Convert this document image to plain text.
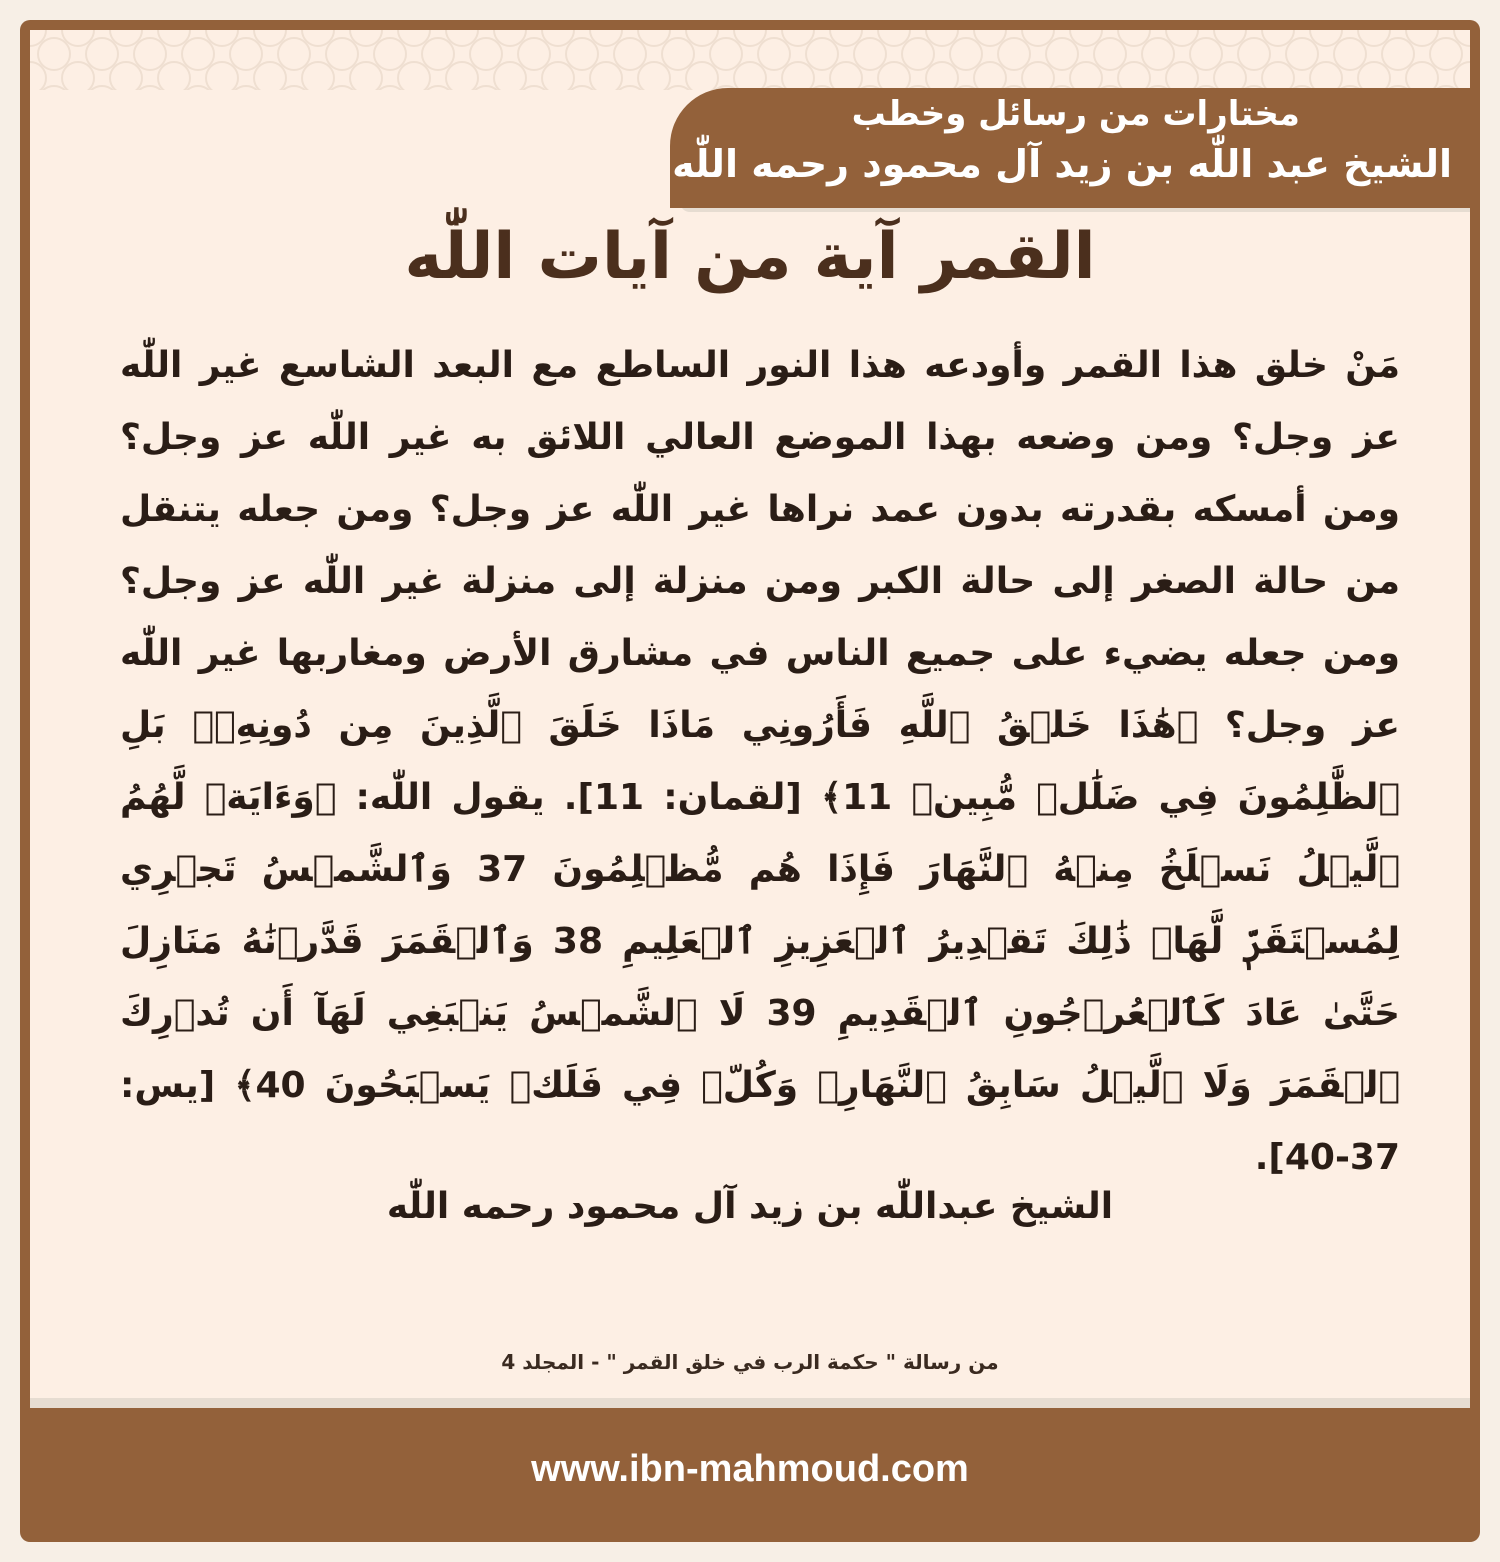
مختارات من رسائل وخطب
الشيخ عبد اللّٰه بن زيد آل محمود رحمه اللّٰه
القمر آية من آيات اللّٰه
مَنْ خلق هذا القمر وأودعه هذا النور الساطع مع البعد الشاسع غير اللّٰه عز وجل؟ ومن وضعه بهذا الموضع العالي اللائق به غير اللّٰه عز وجل؟ ومن أمسكه بقدرته بدون عمد نراها غير اللّٰه عز وجل؟ ومن جعله يتنقل من حالة الصغر إلى حالة الكبر ومن منزلة إلى منزلة غير اللّٰه عز وجل؟ ومن جعله يضيء على جميع الناس في مشارق الأرض ومغاربها غير اللّٰه عز وجل؟ ﴿هَٰذَا خَلۡقُ ٱللَّهِ فَأَرُونِي مَاذَا خَلَقَ ٱلَّذِينَ مِن دُونِهِۦۚ بَلِ ٱلظَّٰلِمُونَ فِي ضَلَٰلٖ مُّبِينٖ 11﴾ [لقمان: 11]. يقول اللّٰه: ﴿وَءَايَةٞ لَّهُمُ ٱلَّيۡلُ نَسۡلَخُ مِنۡهُ ٱلنَّهَارَ فَإِذَا هُم مُّظۡلِمُونَ 37 وَٱلشَّمۡسُ تَجۡرِي لِمُسۡتَقَرّٖ لَّهَاۚ ذَٰلِكَ تَقۡدِيرُ ٱلۡعَزِيزِ ٱلۡعَلِيمِ 38 وَٱلۡقَمَرَ قَدَّرۡنَٰهُ مَنَازِلَ حَتَّىٰ عَادَ كَٱلۡعُرۡجُونِ ٱلۡقَدِيمِ 39 لَا ٱلشَّمۡسُ يَنۢبَغِي لَهَآ أَن تُدۡرِكَ ٱلۡقَمَرَ وَلَا ٱلَّيۡلُ سَابِقُ ٱلنَّهَارِۚ وَكُلّٞ فِي فَلَكٖ يَسۡبَحُونَ 40﴾ [يس: 37-40].
الشيخ عبداللّٰه بن زيد آل محمود رحمه اللّٰه
من رسالة " حكمة الرب في خلق القمر " - المجلد 4
www.ibn-mahmoud.com
